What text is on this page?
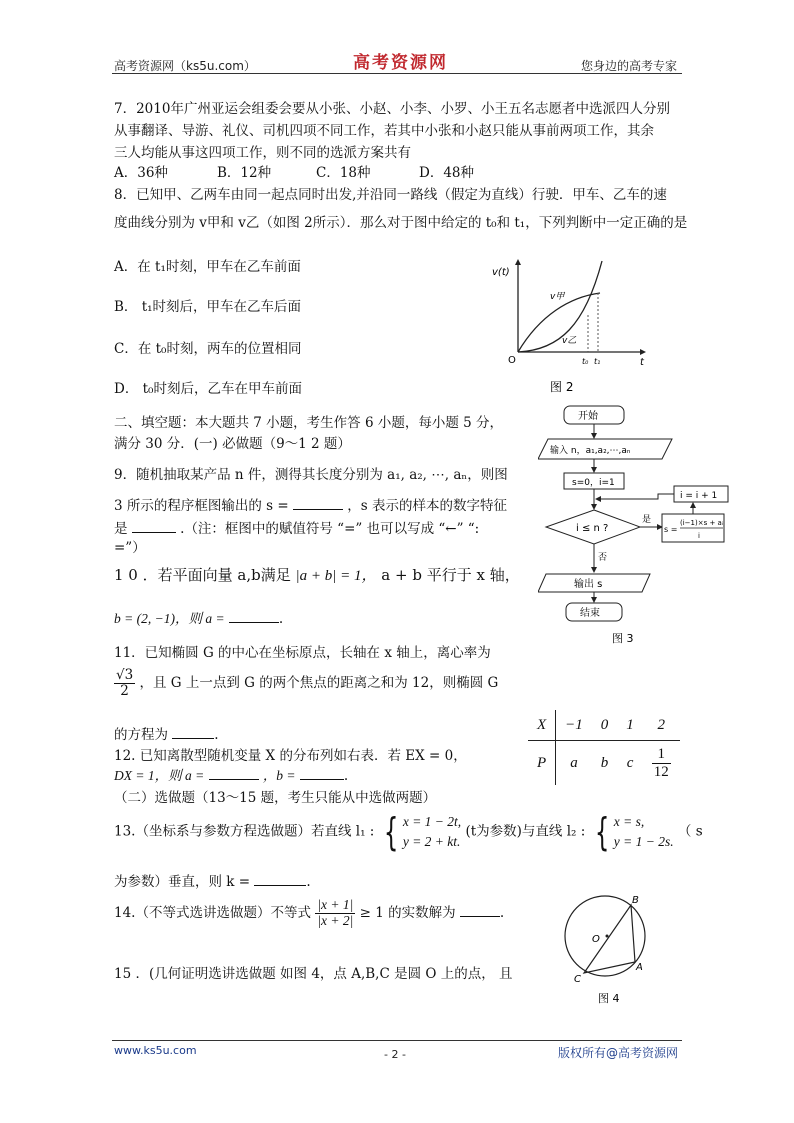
高考资源网（ks5u.com）	高考资源网	您身边的高考专家
7．2010年广州亚运会组委会要从小张、小赵、小李、小罗、小王五名志愿者中选派四人分别
从事翻译、导游、礼仪、司机四项不同工作，若其中小张和小赵只能从事前两项工作，其余
三人均能从事这四项工作，则不同的选派方案共有
A．36种	B．12种	C．18种	D．48种
8．已知甲、乙两车由同一起点同时出发,并沿同一路线（假定为直线）行驶．甲车、乙车的速
度曲线分别为 v甲和 v乙（如图 2所示）．那么对于图中给定的 t₀和 t₁，下列判断中一定正确的是
A．在 t₁时刻，甲车在乙车前面
B． t₁时刻后，甲车在乙车后面
C．在 t₀时刻，两车的位置相同
D． t₀时刻后，乙车在甲车前面
v(t)
t
O
v甲
v乙
t₀ t₁
图 2
二、填空题：本大题共 7 小题，考生作答 6 小题，每小题 5 分，
满分 30 分．(一) 必做题（9～1 2 题）
9．随机抽取某产品 n 件，测得其长度分别为 a₁, a₂, ⋯, aₙ，则图
3 所示的程序框图输出的 s =	，s 表示的样本的数字特征
是	.（注：框图中的赋值符号 “=” 也可以写成 “←” “:
=”）
开始
输入 n，a₁,a₂,⋯,aₙ
s=0，i=1
i ≤ n ?
是
s =
(i−1)×s + aᵢ
i
i = i + 1
否
输出 s
结束
图 3
1 0 ．若平面向量 a,b满足 |a + b| = 1， a + b 平行于 x 轴，
b = (2, −1)，则 a =	.
11．已知椭圆 G 的中心在坐标原点，长轴在 x 轴上，离心率为
$\frac{√3}{2}$ ，且 G 上一点到 G 的两个焦点的距离之和为 12，则椭圆 G
的方程为	.
X	−1	0	1	2
P	a	b	c	$\frac{1}{12}$
12. 已知离散型随机变量 X 的分布列如右表．若 EX = 0，
DX = 1，则 a =	，b =	.
（二）选做题（13～15 题，考生只能从中选做两题）
13.（坐标系与参数方程选做题）若直线 l₁ : { x = 1 − 2t,
y = 2 + kt. (t为参数)与直线 l₂ : { x = s,
y = 1 − 2s. （ s
为参数）垂直，则 k =	.
14.（不等式选讲选做题）不等式 $\frac{|x + 1|}{|x + 2|} \ge 1$ 的实数解为	.
15 ．(几何证明选讲选做题 如图 4，点 A,B,C 是圆 O 上的点， 且
O
B
A
C
图 4
www.ks5u.com	- 2 -	版权所有@高考资源网
